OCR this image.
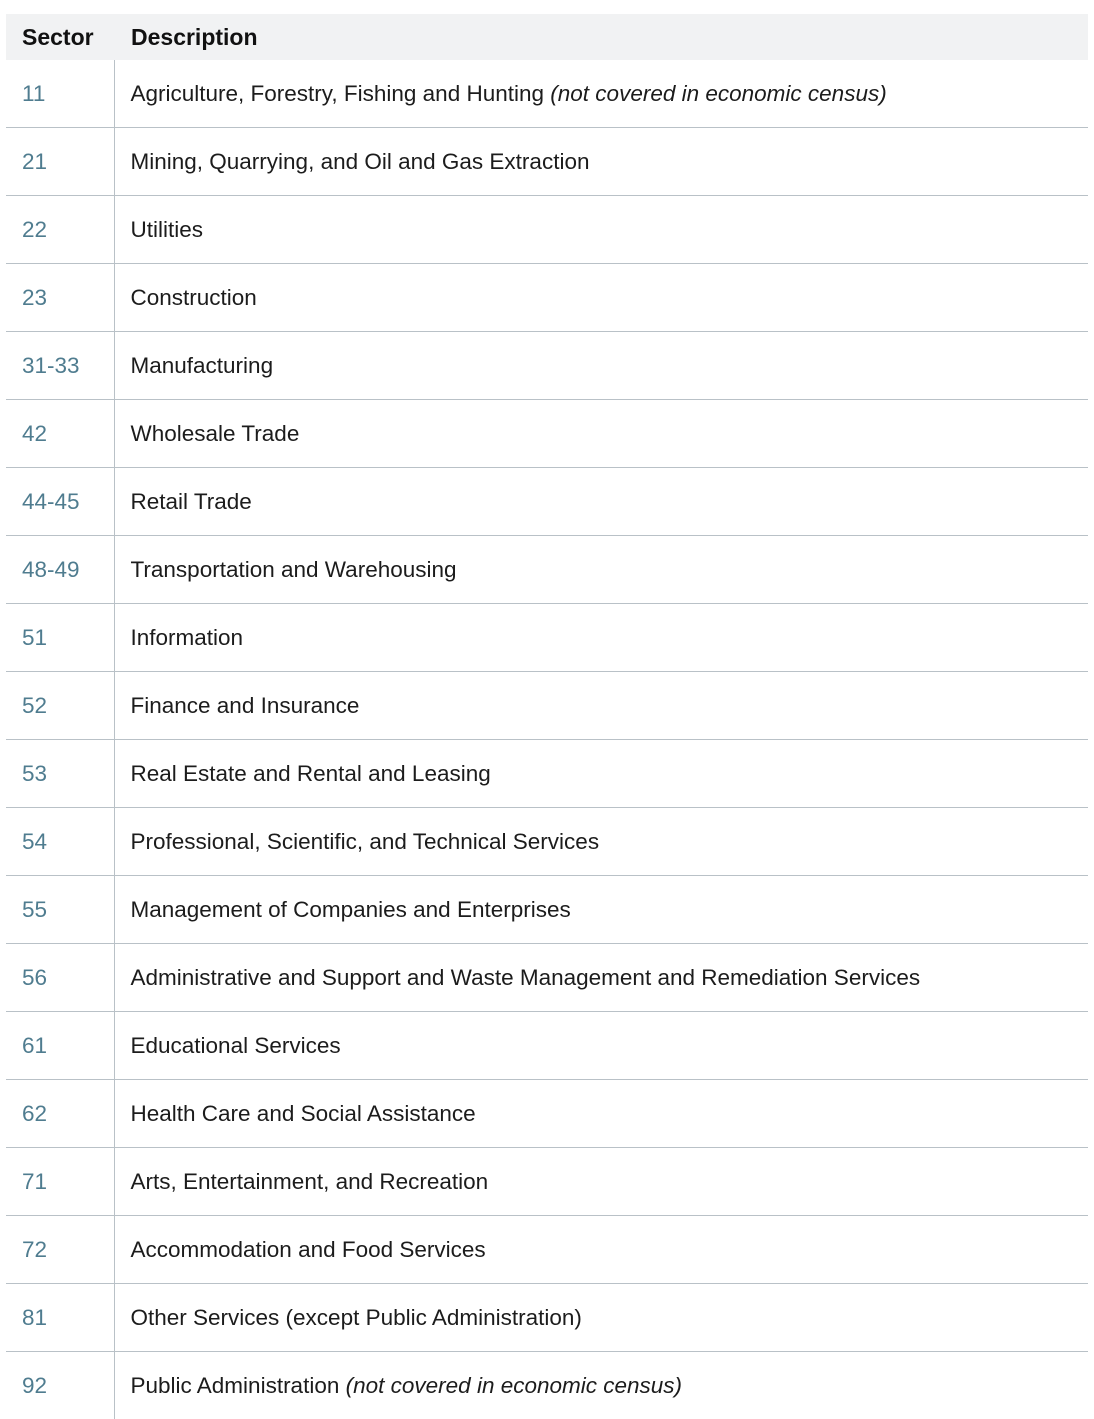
Sector	Description
11	Agriculture, Forestry, Fishing and Hunting (not covered in economic census)
21	Mining, Quarrying, and Oil and Gas Extraction
22	Utilities
23	Construction
31-33	Manufacturing
42	Wholesale Trade
44-45	Retail Trade
48-49	Transportation and Warehousing
51	Information
52	Finance and Insurance
53	Real Estate and Rental and Leasing
54	Professional, Scientific, and Technical Services
55	Management of Companies and Enterprises
56	Administrative and Support and Waste Management and Remediation Services
61	Educational Services
62	Health Care and Social Assistance
71	Arts, Entertainment, and Recreation
72	Accommodation and Food Services
81	Other Services (except Public Administration)
92	Public Administration (not covered in economic census)
